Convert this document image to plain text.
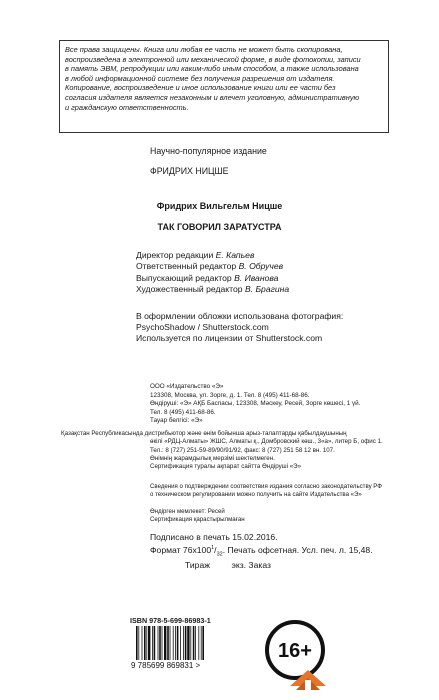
Все права защищены. Книга или любая ее часть не может быть скопирована,
воспроизведена в электронной или механической форме, в виде фотокопии, записи
в память ЭВМ, репродукции или каким-либо иным способом, а также использована
в любой информационной системе без получения разрешения от издателя.
Копирование, воспроизведение и иное использование книги или ее части без
согласия издателя является незаконным и влечет уголовную, административную
и гражданскую ответственность.
Научно-популярное издание
ФРИДРИХ НИЦШЕ
Фридрих Вильгельм Ницше
ТАК ГОВОРИЛ ЗАРАТУСТРА
Директор редакции Е. Капьев
Ответственный редактор В. Обручев
Выпускающий редактор В. Иванова
Художественный редактор В. Брагина
В оформлении обложки использована фотография:
PsychoShadow / Shutterstock.com
Используется по лицензии от Shutterstock.com
ООО «Издательство «Э»
123308, Москва, ул. Зорге, д. 1. Тел. 8 (495) 411-68-86.
Өндіруші: «Э» АҚБ Баспасы, 123308, Мәскеу, Ресей, Зорге көшесі, 1 үй.
Тел. 8 (495) 411-68-86.
Тауар белгісі: «Э»
Қазақстан Республикасында дистрибьютор және өнім бойынша арыз-талаптарды қабылдаушының
өкілі «РДЦ-Алматы» ЖШС, Алматы қ., Домбровский көш., 3«а», литер Б, офис 1.
Тел.: 8 (727) 251-59-89/90/91/92, факс: 8 (727) 251 58 12 вн. 107.
Өнімнің жарамдылық мерзімі шектелмеген.
Сертификация туралы ақпарат сайтта Өндіруші «Э»
Сведения о подтверждении соответствия издания согласно законодательству РФ
о техническом регулировании можно получить на сайте Издательства «Э»
Өндірген мемлекет: Ресей
Сертификация қарастырылмаған
Подписано в печать 15.02.2016.
Формат $76x100^1/_{32}$. Печать офсетная. Усл. печ. л. 15,48.
Тираж         экз. Заказ
ISBN 978-5-699-86983-1
9 785699 869831 >
16+
